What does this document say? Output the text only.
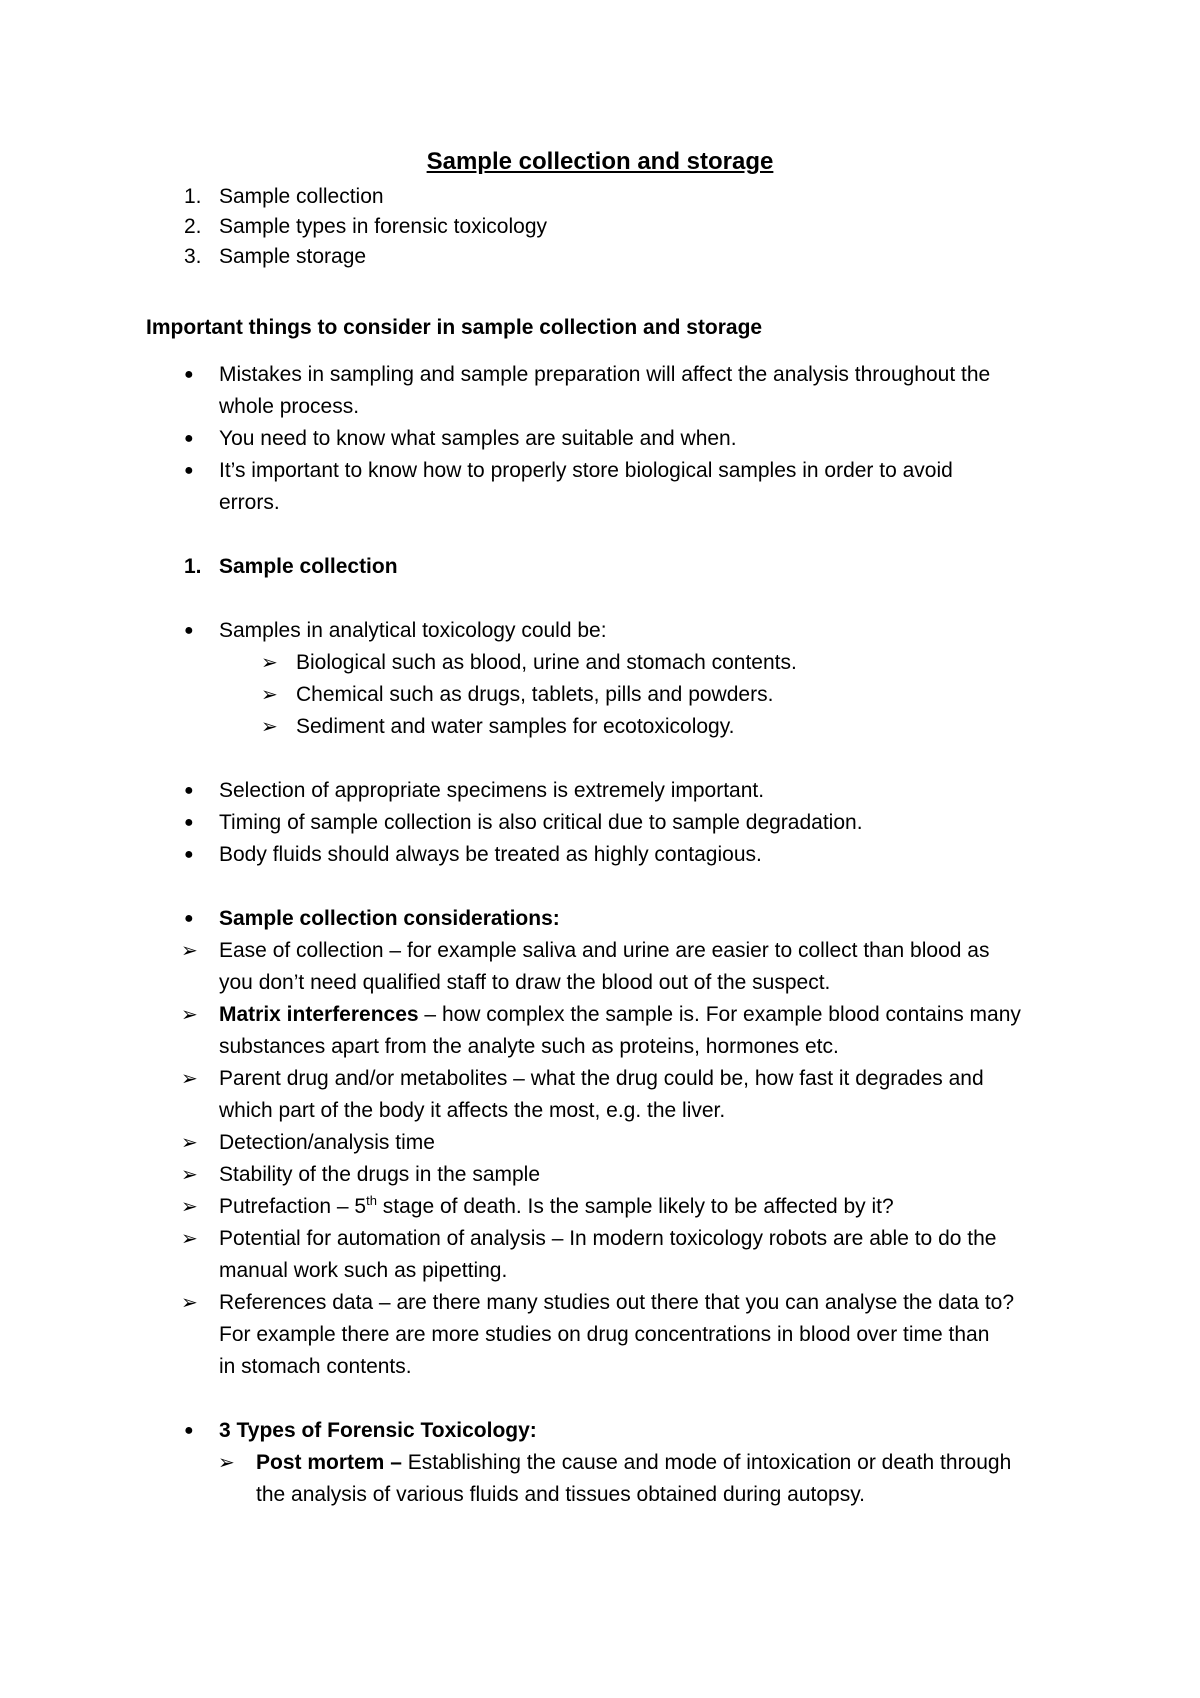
Sample collection and storage
1. Sample collection
2. Sample types in forensic toxicology
3. Sample storage
Important things to consider in sample collection and storage
● Mistakes in sampling and sample preparation will affect the analysis throughout the
whole process.
● You need to know what samples are suitable and when.
● It’s important to know how to properly store biological samples in order to avoid
errors.
1. Sample collection
● Samples in analytical toxicology could be:
➢ Biological such as blood, urine and stomach contents.
➢ Chemical such as drugs, tablets, pills and powders.
➢ Sediment and water samples for ecotoxicology.
● Selection of appropriate specimens is extremely important.
● Timing of sample collection is also critical due to sample degradation.
● Body fluids should always be treated as highly contagious.
● Sample collection considerations:
➢ Ease of collection – for example saliva and urine are easier to collect than blood as
you don’t need qualified staff to draw the blood out of the suspect.
➢ Matrix interferences – how complex the sample is. For example blood contains many
substances apart from the analyte such as proteins, hormones etc.
➢ Parent drug and/or metabolites – what the drug could be, how fast it degrades and
which part of the body it affects the most, e.g. the liver.
➢ Detection/analysis time
➢ Stability of the drugs in the sample
➢ Putrefaction – 5th stage of death. Is the sample likely to be affected by it?
➢ Potential for automation of analysis – In modern toxicology robots are able to do the
manual work such as pipetting.
➢ References data – are there many studies out there that you can analyse the data to?
For example there are more studies on drug concentrations in blood over time than
in stomach contents.
● 3 Types of Forensic Toxicology:
➢ Post mortem – Establishing the cause and mode of intoxication or death through
the analysis of various fluids and tissues obtained during autopsy.
